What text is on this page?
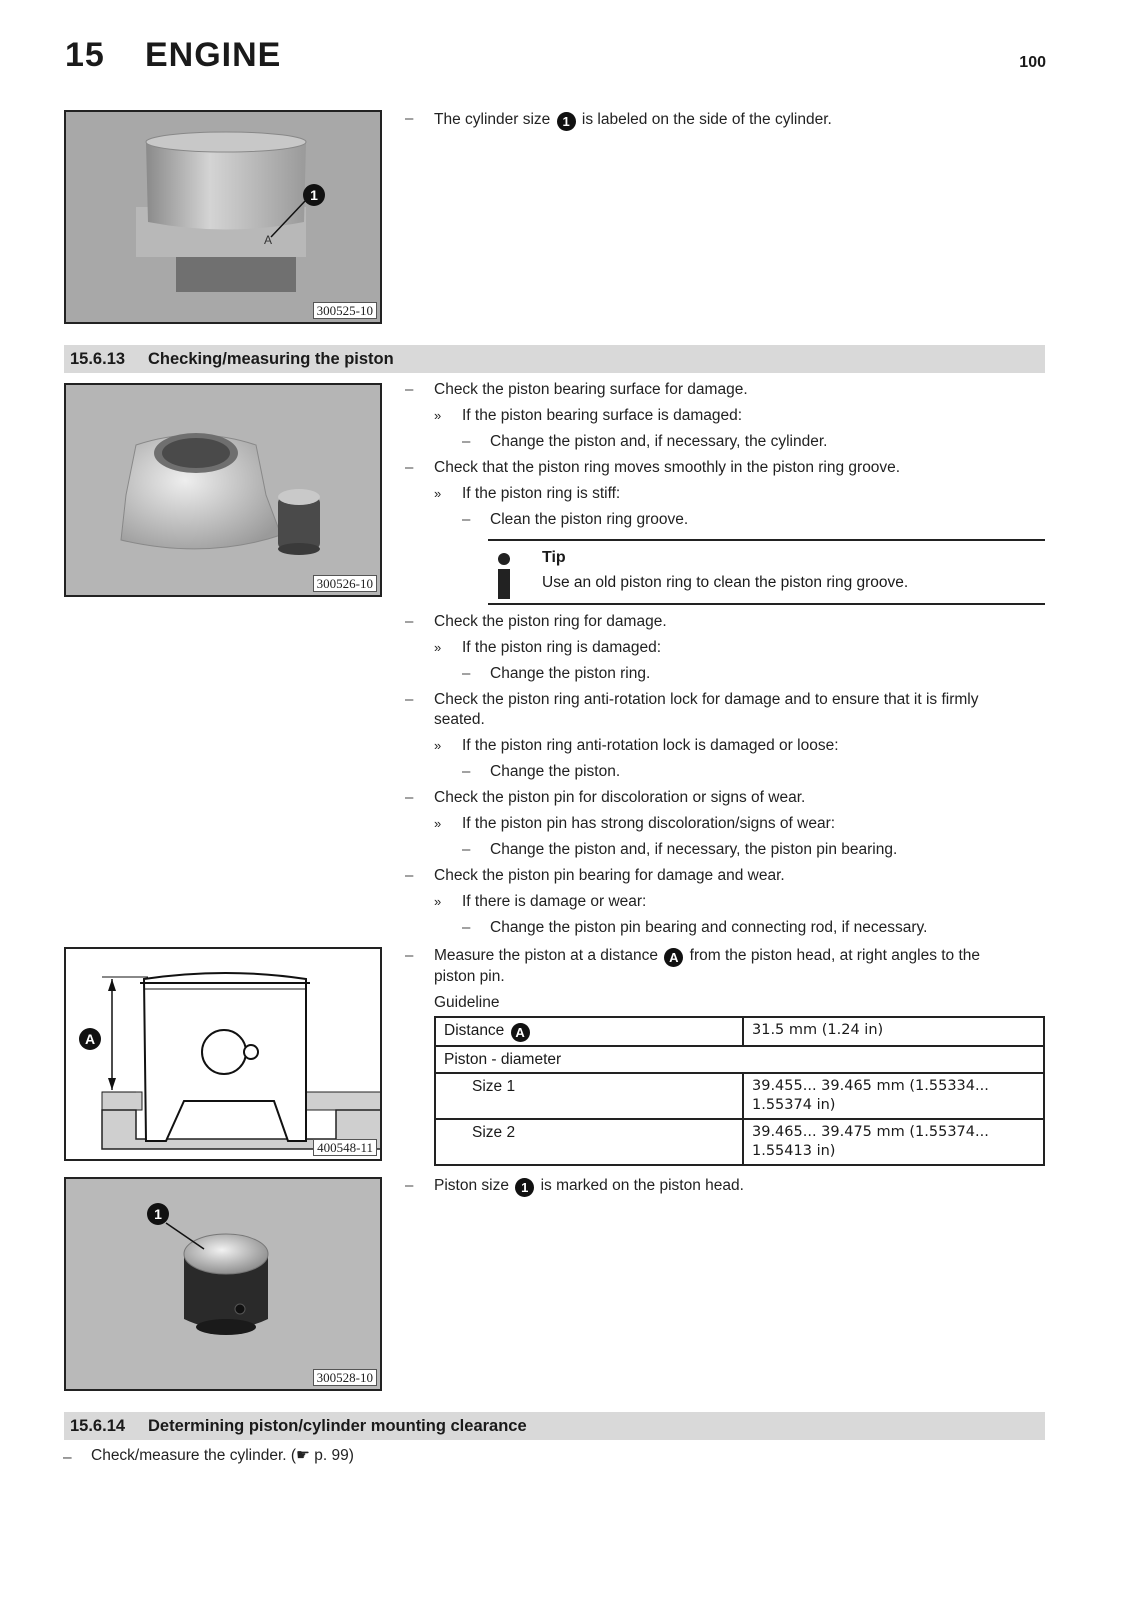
15 ENGINE	100
A
1
300525-10
– The cylinder size 1 is labeled on the side of the cylinder.
15.6.13 Checking/measuring the piston
300526-10
– Check the piston bearing surface for damage.
» If the piston bearing surface is damaged:
– Change the piston and, if necessary, the cylinder.
– Check that the piston ring moves smoothly in the piston ring groove.
» If the piston ring is stiff:
– Clean the piston ring groove.
Tip
Use an old piston ring to clean the piston ring groove.
– Check the piston ring for damage.
» If the piston ring is damaged:
– Change the piston ring.
– Check the piston ring anti-rotation lock for damage and to ensure that it is firmly
seated.
» If the piston ring anti-rotation lock is damaged or loose:
– Change the piston.
– Check the piston pin for discoloration or signs of wear.
» If the piston pin has strong discoloration/signs of wear:
– Change the piston and, if necessary, the piston pin bearing.
– Check the piston pin bearing for damage and wear.
» If there is damage or wear:
– Change the piston pin bearing and connecting rod, if necessary.
A
400548-11
– Measure the piston at a distance A from the piston head, at right angles to the
piston pin.
Guideline
Distance A	31.5 mm (1.24 in)
Piston - diameter	
Size 1	39.455... 39.465 mm (1.55334...
1.55374 in)
Size 2	39.465... 39.475 mm (1.55374...
1.55413 in)
1
300528-10
– Piston size 1 is marked on the piston head.
15.6.14 Determining piston/cylinder mounting clearance
– Check/measure the cylinder. (☛ p. 99)
